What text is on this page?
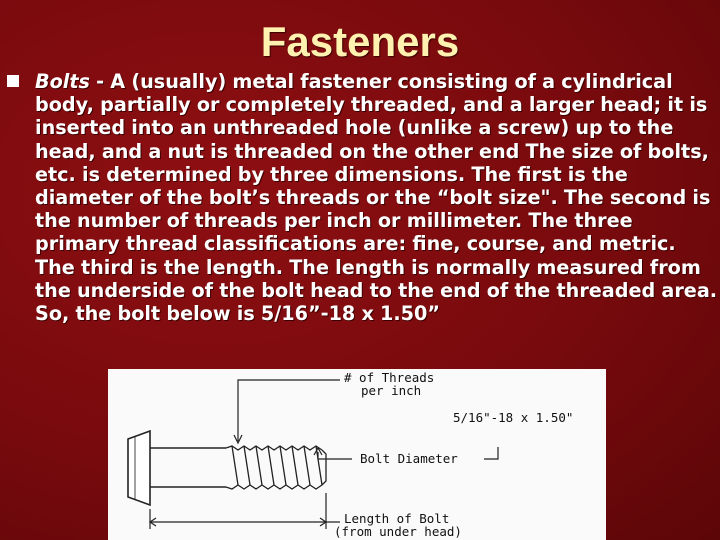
Fasteners
Bolts - A (usually) metal fastener consisting of a cylindrical body, partially or completely threaded, and a larger head; it is inserted into an unthreaded hole (unlike a screw) up to the head, and a nut is threaded on the other end The size of bolts, etc. is determined by three dimensions. The first is the diameter of the bolt’s threads or the “bolt size". The second is the number of threads per inch or millimeter. The three primary thread classifications are: fine, course, and metric. The third is the length. The length is normally measured from the underside of the bolt head to the end of the threaded area. So, the bolt below is 5/16”-18 x 1.50”
# of Threads
per inch
5/16"-18 x 1.50"
Bolt Diameter
Length of Bolt
(from under head)
